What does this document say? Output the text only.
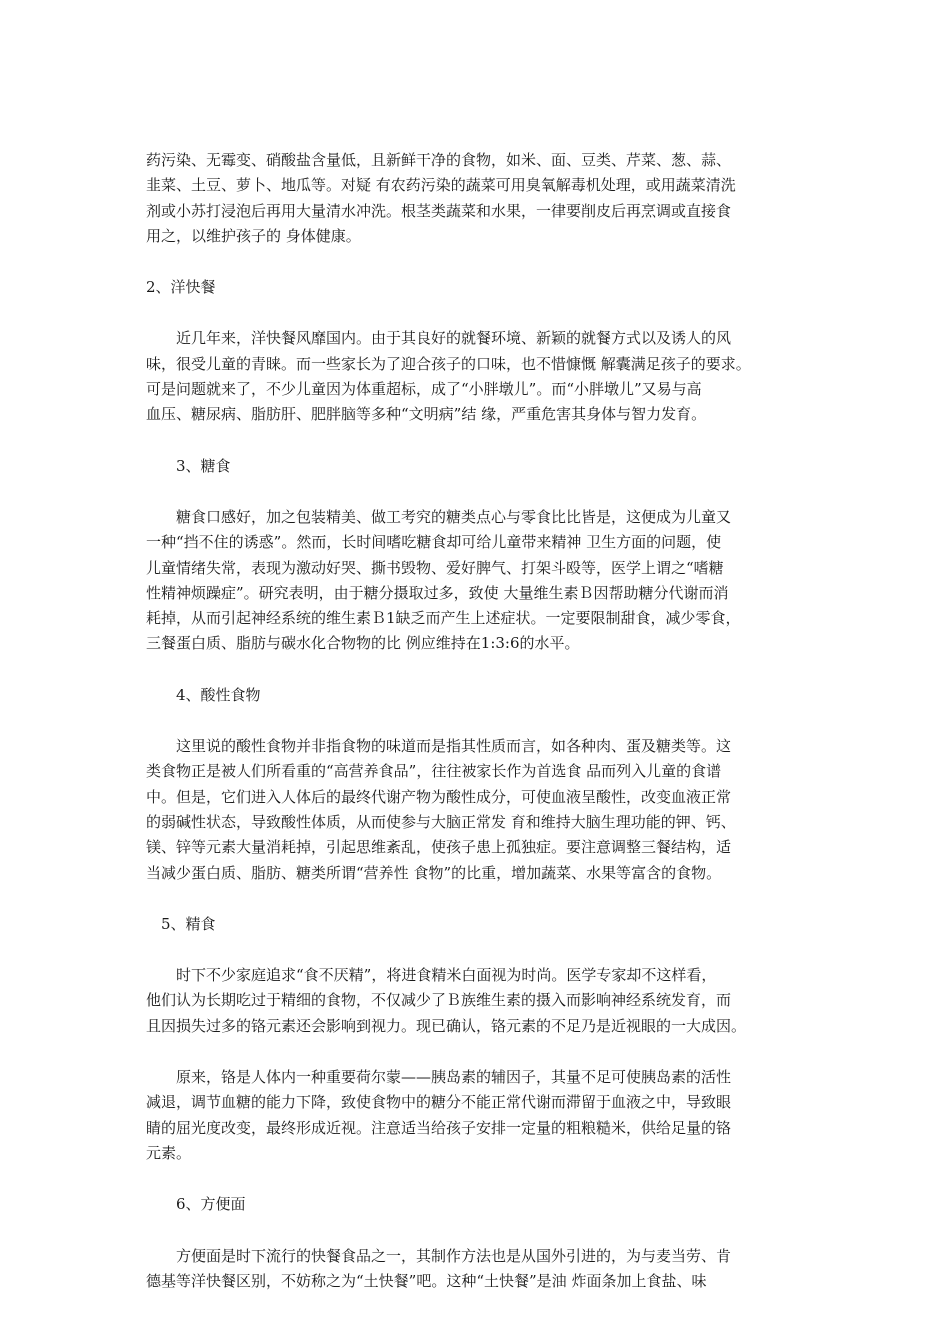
药污染、无霉变、硝酸盐含量低，且新鲜干净的食物，如米、面、豆类、芹菜、葱、蒜、
韭菜、土豆、萝卜、地瓜等。对疑 有农药污染的蔬菜可用臭氧解毒机处理，或用蔬菜清洗
剂或小苏打浸泡后再用大量清水冲洗。根茎类蔬菜和水果，一律要削皮后再烹调或直接食
用之，以维护孩子的 身体健康。
2、洋快餐
近几年来，洋快餐风靡国内。由于其良好的就餐环境、新颖的就餐方式以及诱人的风
味，很受儿童的青睐。而一些家长为了迎合孩子的口味，也不惜慷慨 解囊满足孩子的要求。
可是问题就来了，不少儿童因为体重超标，成了“小胖墩儿”。而“小胖墩儿”又易与高
血压、糖尿病、脂肪肝、肥胖脑等多种“文明病”结 缘，严重危害其身体与智力发育。
3、糖食
糖食口感好，加之包装精美、做工考究的糖类点心与零食比比皆是，这便成为儿童又
一种“挡不住的诱惑”。然而，长时间嗜吃糖食却可给儿童带来精神 卫生方面的问题，使
儿童情绪失常，表现为激动好哭、撕书毁物、爱好脾气、打架斗殴等，医学上谓之“嗜糖
性精神烦躁症”。研究表明，由于糖分摄取过多，致使 大量维生素Ｂ因帮助糖分代谢而消
耗掉，从而引起神经系统的维生素Ｂ1缺乏而产生上述症状。一定要限制甜食，减少零食，
三餐蛋白质、脂肪与碳水化合物物的比 例应维持在1:3:6的水平。
4、酸性食物
这里说的酸性食物并非指食物的味道而是指其性质而言，如各种肉、蛋及糖类等。这
类食物正是被人们所看重的“高营养食品”，往往被家长作为首选食 品而列入儿童的食谱
中。但是，它们进入人体后的最终代谢产物为酸性成分，可使血液呈酸性，改变血液正常
的弱碱性状态，导致酸性体质，从而使参与大脑正常发 育和维持大脑生理功能的钾、钙、
镁、锌等元素大量消耗掉，引起思维紊乱，使孩子患上孤独症。要注意调整三餐结构，适
当减少蛋白质、脂肪、糖类所谓“营养性 食物”的比重，增加蔬菜、水果等富含的食物。
5、精食
时下不少家庭追求“食不厌精”，将进食精米白面视为时尚。医学专家却不这样看，
他们认为长期吃过于精细的食物，不仅减少了Ｂ族维生素的摄入而影响神经系统发育，而
且因损失过多的铬元素还会影响到视力。现已确认，铬元素的不足乃是近视眼的一大成因。
原来，铬是人体内一种重要荷尔蒙——胰岛素的辅因子，其量不足可使胰岛素的活性
减退，调节血糖的能力下降，致使食物中的糖分不能正常代谢而滞留于血液之中，导致眼
睛的屈光度改变，最终形成近视。注意适当给孩子安排一定量的粗粮糙米，供给足量的铬
元素。
6、方便面
方便面是时下流行的快餐食品之一，其制作方法也是从国外引进的，为与麦当劳、肯
德基等洋快餐区别，不妨称之为“土快餐”吧。这种“土快餐”是油 炸面条加上食盐、味
